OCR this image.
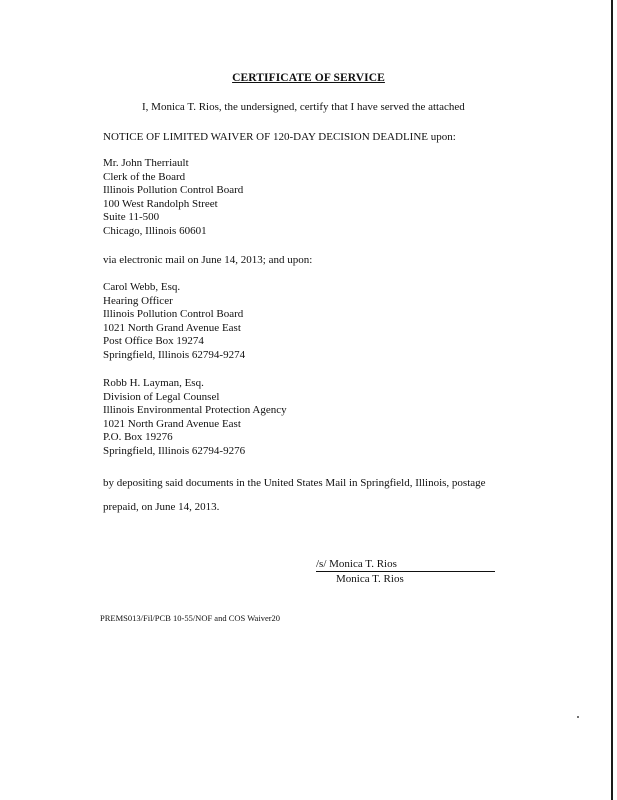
CERTIFICATE OF SERVICE
I, Monica T. Rios, the undersigned, certify that I have served the attached
NOTICE OF LIMITED WAIVER OF 120-DAY DECISION DEADLINE upon:
Mr. John Therriault
Clerk of the Board
Illinois Pollution Control Board
100 West Randolph Street
Suite 11-500
Chicago, Illinois 60601
via electronic mail on June 14, 2013; and upon:
Carol Webb, Esq.
Hearing Officer
Illinois Pollution Control Board
1021 North Grand Avenue East
Post Office Box 19274
Springfield, Illinois 62794-9274
Robb H. Layman, Esq.
Division of Legal Counsel
Illinois Environmental Protection Agency
1021 North Grand Avenue East
P.O. Box 19276
Springfield, Illinois 62794-9276
by depositing said documents in the United States Mail in Springfield, Illinois, postage
prepaid, on June 14, 2013.
/s/ Monica T. Rios
Monica T. Rios
PREMS013/Fil/PCB 10-55/NOF and COS Waiver20
